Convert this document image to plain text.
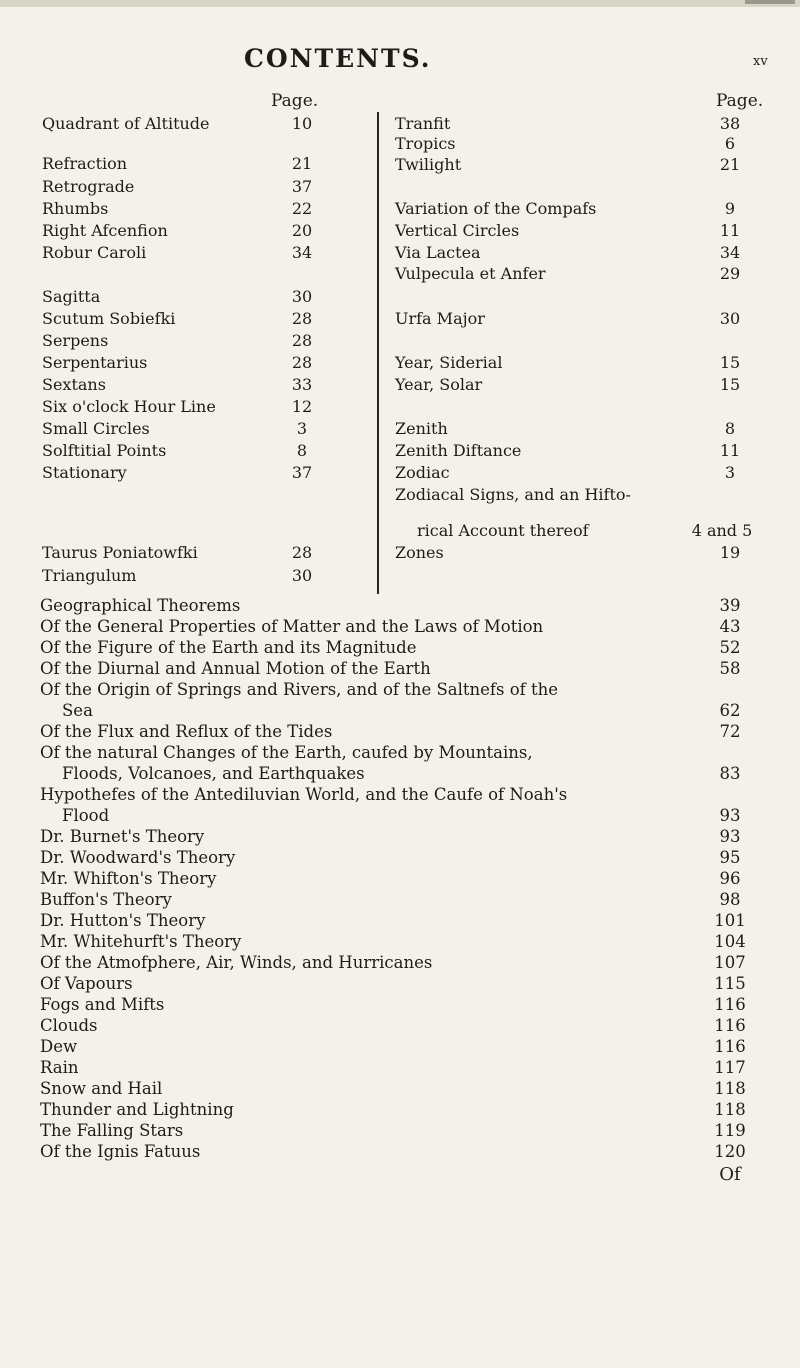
CONTENTS.	xv
Page.	Page.
Quadrant of Altitude	10
Refraction	21
Retrograde	37
Rhumbs	22
Right Afcenfion	20
Robur Caroli	34
Sagitta	30
Scutum Sobiefki	28
Serpens	28
Serpentarius	28
Sextans	33
Six o'clock Hour Line	12
Small Circles	3
Solftitial Points	8
Stationary	37
Taurus Poniatowfki	28
Triangulum	30
Tranfit	38
Tropics	6
Twilight	21
Variation of the Compafs	9
Vertical Circles	11
Via Lactea	34
Vulpecula et Anfer	29
Urfa Major	30
Year, Siderial	15
Year, Solar	15
Zenith	8
Zenith Diftance	11
Zodiac	3
Zodiacal Signs, and an Hifto-
rical Account thereof	4 and 5
Zones	19
Geographical Theorems	39
Of the General Properties of Matter and the Laws of Motion	43
Of the Figure of the Earth and its Magnitude	52
Of the Diurnal and Annual Motion of the Earth	58
Of the Origin of Springs and Rivers, and of the Saltnefs of the
Sea	62
Of the Flux and Reflux of the Tides	72
Of the natural Changes of the Earth, caufed by Mountains,
Floods, Volcanoes, and Earthquakes	83
Hypothefes of the Antediluvian World, and the Caufe of Noah's
Flood	93
Dr. Burnet's Theory	93
Dr. Woodward's Theory	95
Mr. Whifton's Theory	96
Buffon's Theory	98
Dr. Hutton's Theory	101
Mr. Whitehurft's Theory	104
Of the Atmofphere, Air, Winds, and Hurricanes	107
Of Vapours	115
Fogs and Mifts	116
Clouds	116
Dew	116
Rain	117
Snow and Hail	118
Thunder and Lightning	118
The Falling Stars	119
Of the Ignis Fatuus	120
Of
